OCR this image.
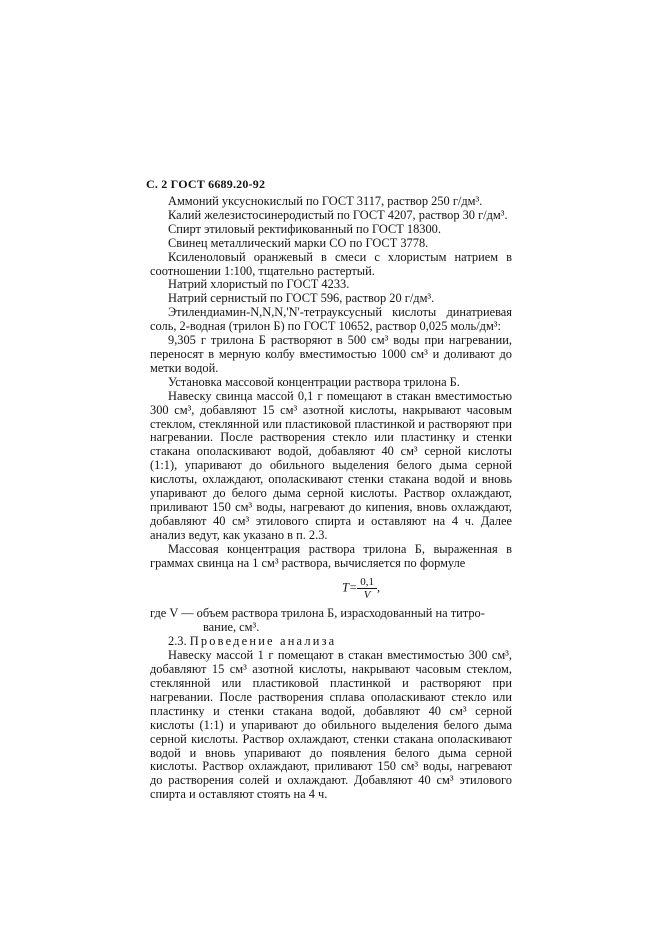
С. 2 ГОСТ 6689.20-92

Аммоний уксуснокислый по ГОСТ 3117, раствор 250 г/дм³.

Калий железистосинеродистый по ГОСТ 4207, раствор 30 г/дм³.

Спирт этиловый ректификованный по ГОСТ 18300.

Свинец металлический марки СО по ГОСТ 3778.

Ксиленоловый оранжевый в смеси с хлористым натрием в соотношении 1:100, тщательно растертый.

Натрий хлористый по ГОСТ 4233.

Натрий сернистый по ГОСТ 596, раствор 20 г/дм³.

Этилендиамин-N,N,N,'N'-тетрауксусный кислоты динатриевая соль, 2-водная (трилон Б) по ГОСТ 10652, раствор 0,025 моль/дм³:

9,305 г трилона Б растворяют в 500 см³ воды при нагревании, переносят в мерную колбу вместимостью 1000 см³ и доливают до метки водой.

Установка массовой концентрации раствора трилона Б.

Навеску свинца массой 0,1 г помещают в стакан вместимостью 300 см³, добавляют 15 см³ азотной кислоты, накрывают часовым стеклом, стеклянной или пластиковой пластинкой и растворяют при нагревании. После растворения стекло или пластинку и стенки стакана ополаскивают водой, добавляют 40 см³ серной кислоты (1:1), упаривают до обильного выделения белого дыма серной кислоты, охлаждают, ополаскивают стенки стакана водой и вновь упаривают до белого дыма серной кислоты. Раствор охлаждают, приливают 150 см³ воды, нагревают до кипения, вновь охлаждают, добавляют 40 см³ этилового спирта и оставляют на 4 ч. Далее анализ ведут, как указано в п. 2.3.

Массовая концентрация раствора трилона Б, выраженная в граммах свинца на 1 см³ раствора, вычисляется по формуле

$T= \frac{0,1}{V}$ ,

где V — объем раствора трилона Б, израсходованный на титро-
вание, см³.

2.3. Проведение анализа

Навеску массой 1 г помещают в стакан вместимостью 300 см³, добавляют 15 см³ азотной кислоты, накрывают часовым стеклом, стеклянной или пластиковой пластинкой и растворяют при нагревании. После растворения сплава ополаскивают стекло или пластинку и стенки стакана водой, добавляют 40 см³ серной кислоты (1:1) и упаривают до обильного выделения белого дыма серной кислоты. Раствор охлаждают, стенки стакана ополаскивают водой и вновь упаривают до появления белого дыма серной кислоты. Раствор охлаждают, приливают 150 см³ воды, нагревают до растворения солей и охлаждают. Добавляют 40 см³ этилового спирта и оставляют стоять на 4 ч.
